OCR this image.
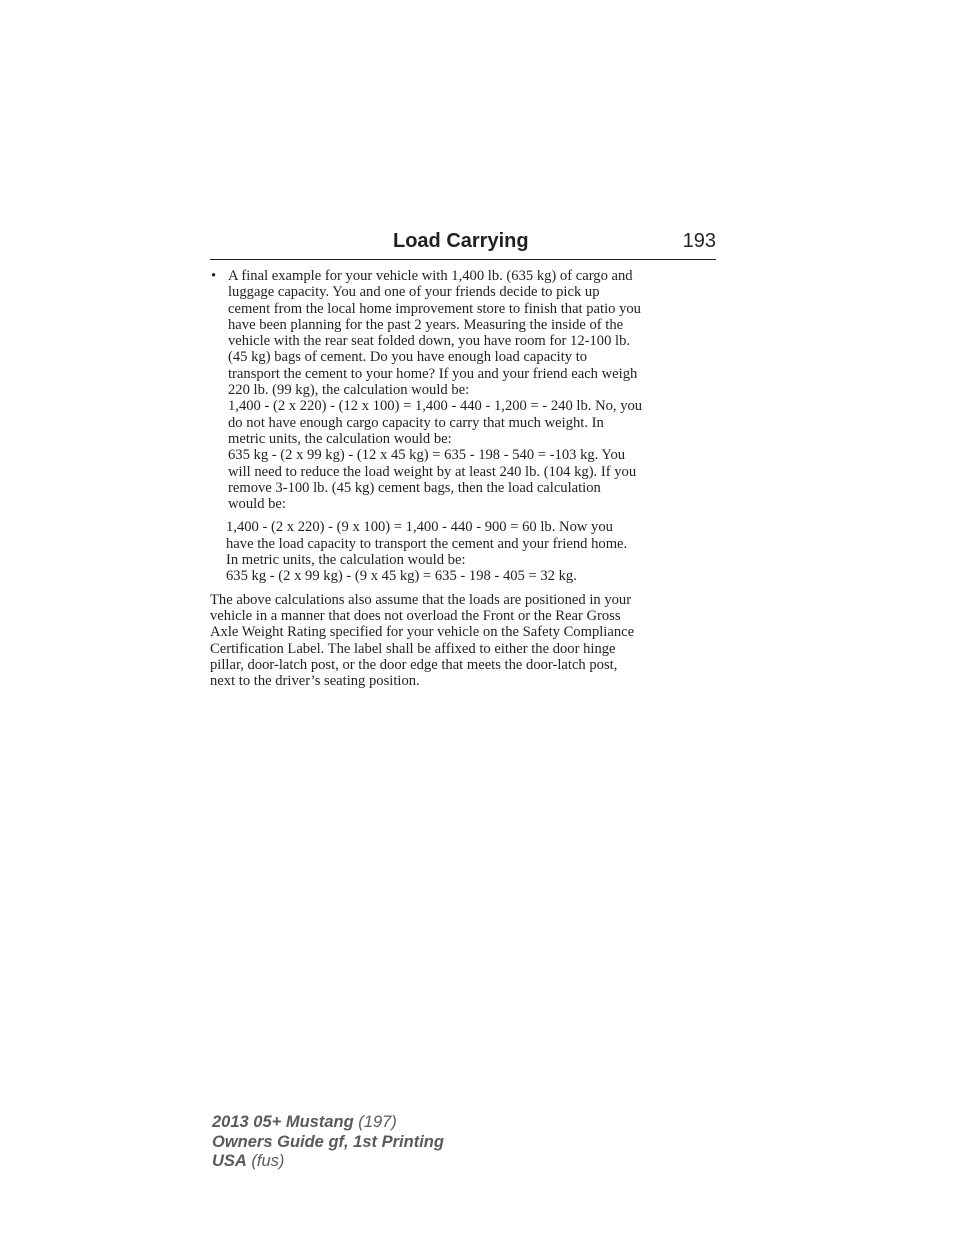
Load Carrying	193
• A final example for your vehicle with 1,400 lb. (635 kg) of cargo and
luggage capacity. You and one of your friends decide to pick up
cement from the local home improvement store to finish that patio you
have been planning for the past 2 years. Measuring the inside of the
vehicle with the rear seat folded down, you have room for 12-100 lb.
(45 kg) bags of cement. Do you have enough load capacity to
transport the cement to your home? If you and your friend each weigh
220 lb. (99 kg), the calculation would be:
1,400 - (2 x 220) - (12 x 100) = 1,400 - 440 - 1,200 = - 240 lb. No, you
do not have enough cargo capacity to carry that much weight. In
metric units, the calculation would be:
635 kg - (2 x 99 kg) - (12 x 45 kg) = 635 - 198 - 540 = -103 kg. You
will need to reduce the load weight by at least 240 lb. (104 kg). If you
remove 3-100 lb. (45 kg) cement bags, then the load calculation
would be:
1,400 - (2 x 220) - (9 x 100) = 1,400 - 440 - 900 = 60 lb. Now you
have the load capacity to transport the cement and your friend home.
In metric units, the calculation would be:
635 kg - (2 x 99 kg) - (9 x 45 kg) = 635 - 198 - 405 = 32 kg.
The above calculations also assume that the loads are positioned in your
vehicle in a manner that does not overload the Front or the Rear Gross
Axle Weight Rating specified for your vehicle on the Safety Compliance
Certification Label. The label shall be affixed to either the door hinge
pillar, door-latch post, or the door edge that meets the door-latch post,
next to the driver’s seating position.
2013 05+ Mustang (197)
Owners Guide gf, 1st Printing
USA (fus)
